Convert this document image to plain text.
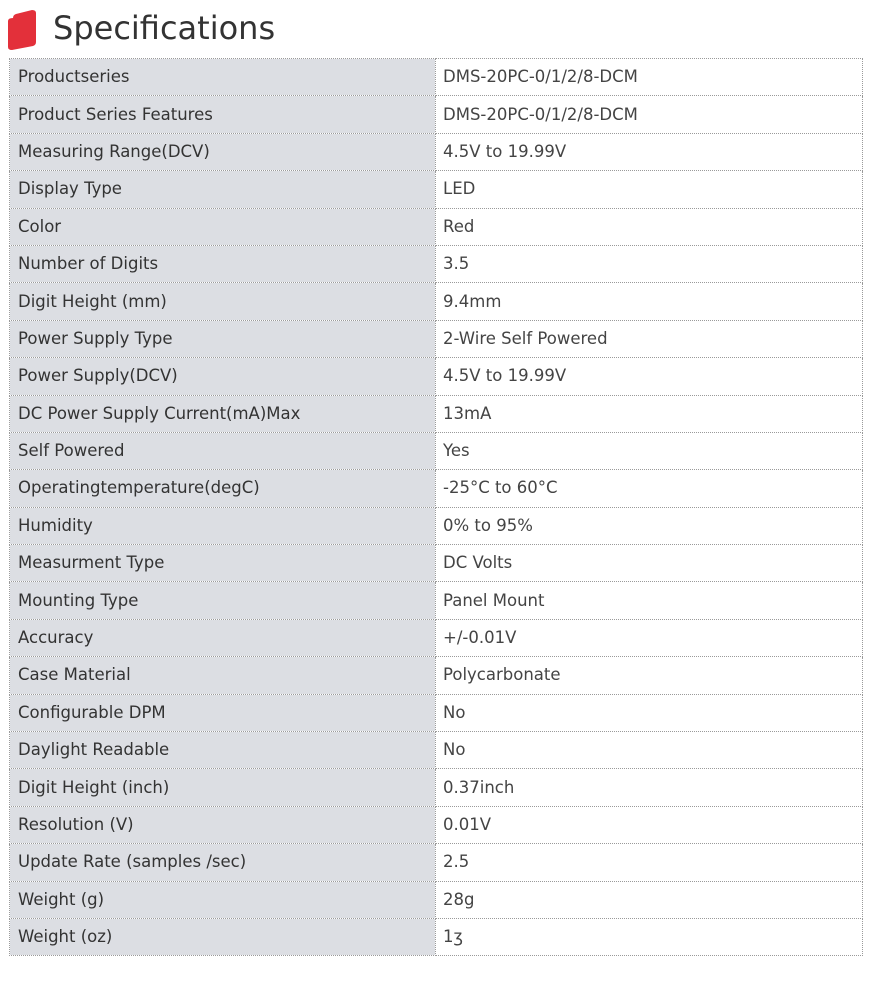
Specifications
Productseries	DMS-20PC-0/1/2/8-DCM
Product Series Features	DMS-20PC-0/1/2/8-DCM
Measuring Range(DCV)	4.5V to 19.99V
Display Type	LED
Color	Red
Number of Digits	3.5
Digit Height (mm)	9.4mm
Power Supply Type	2-Wire Self Powered
Power Supply(DCV)	4.5V to 19.99V
DC Power Supply Current(mA)Max	13mA
Self Powered	Yes
Operatingtemperature(degC)	-25°C to 60°C
Humidity	0% to 95%
Measurment Type	DC Volts
Mounting Type	Panel Mount
Accuracy	+/-0.01V
Case Material	Polycarbonate
Configurable DPM	No
Daylight Readable	No
Digit Height (inch)	0.37inch
Resolution (V)	0.01V
Update Rate (samples /sec)	2.5
Weight (g)	28g
Weight (oz)	1ʒ
